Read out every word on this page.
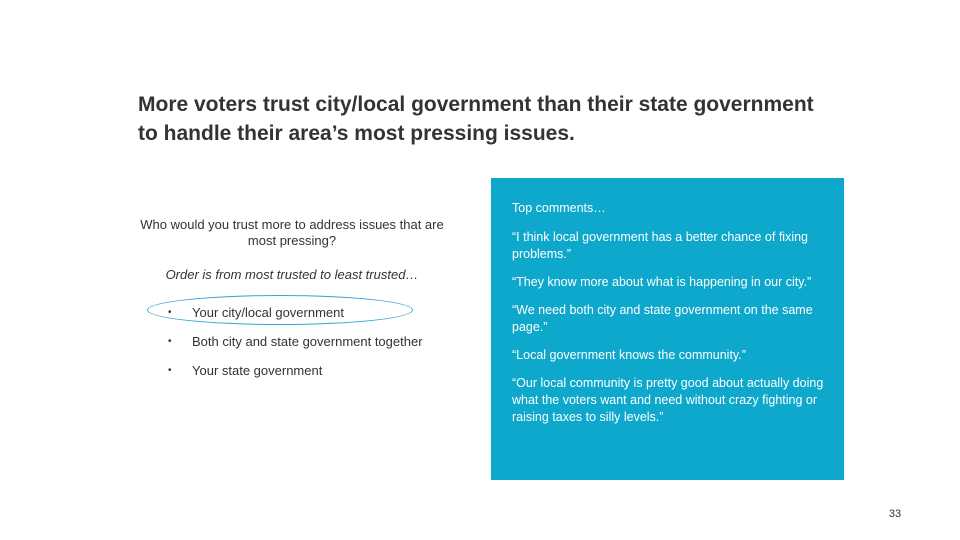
More voters trust city/local government than their state government to handle their area’s most pressing issues.
Who would you trust more to address issues that are most pressing?
Order is from most trusted to least trusted…
• Your city/local government
• Both city and state government together
• Your state government
Top comments…
“I think local government has a better chance of fixing problems.”
“They know more about what is happening in our city.”
“We need both city and state government on the same page.”
“Local government knows the community.”
“Our local community is pretty good about actually doing what the voters want and need without crazy fighting or raising taxes to silly levels.”
33
